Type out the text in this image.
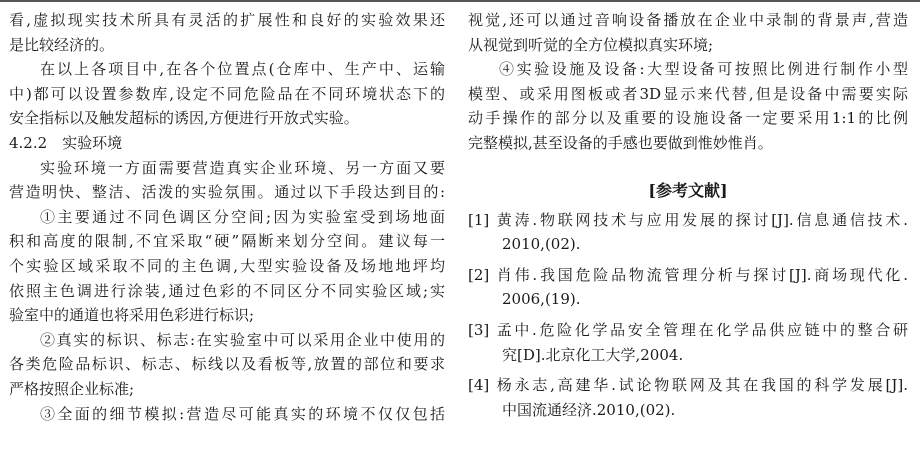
看,虚拟现实技术所具有灵活的扩展性和良好的实验效果还
是比较经济的。
在以上各项目中,在各个位置点(仓库中、生产中、运输
中)都可以设置参数库,设定不同危险品在不同环境状态下的
安全指标以及触发超标的诱因,方便进行开放式实验。
4.2.2　实验环境
实验环境一方面需要营造真实企业环境、另一方面又要
营造明快、整洁、活泼的实验氛围。通过以下手段达到目的:
①主要通过不同色调区分空间;因为实验室受到场地面
积和高度的限制,不宜采取“硬”隔断来划分空间。建议每一
个实验区域采取不同的主色调,大型实验设备及场地地坪均
依照主色调进行涂装,通过色彩的不同区分不同实验区域;实
验室中的通道也将采用色彩进行标识;
②真实的标识、标志:在实验室中可以采用企业中使用的
各类危险品标识、标志、标线以及看板等,放置的部位和要求
严格按照企业标准;
③全面的细节模拟:营造尽可能真实的环境不仅仅包括
视觉,还可以通过音响设备播放在企业中录制的背景声,营造
从视觉到听觉的全方位模拟真实环境;
④实验设施及设备:大型设备可按照比例进行制作小型
模型、或采用图板或者3D显示来代替,但是设备中需要实际
动手操作的部分以及重要的设施设备一定要采用1:1的比例
完整模拟,甚至设备的手感也要做到惟妙惟肖。
[参考文献]
[1] 黄涛.物联网技术与应用发展的探讨[J].信息通信技术.
2010,(02).
[2] 肖伟.我国危险品物流管理分析与探讨[J].商场现代化.
2006,(19).
[3] 孟中.危险化学品安全管理在化学品供应链中的整合研
究[D].北京化工大学,2004.
[4] 杨永志,高建华.试论物联网及其在我国的科学发展[J].
中国流通经济.2010,(02).
